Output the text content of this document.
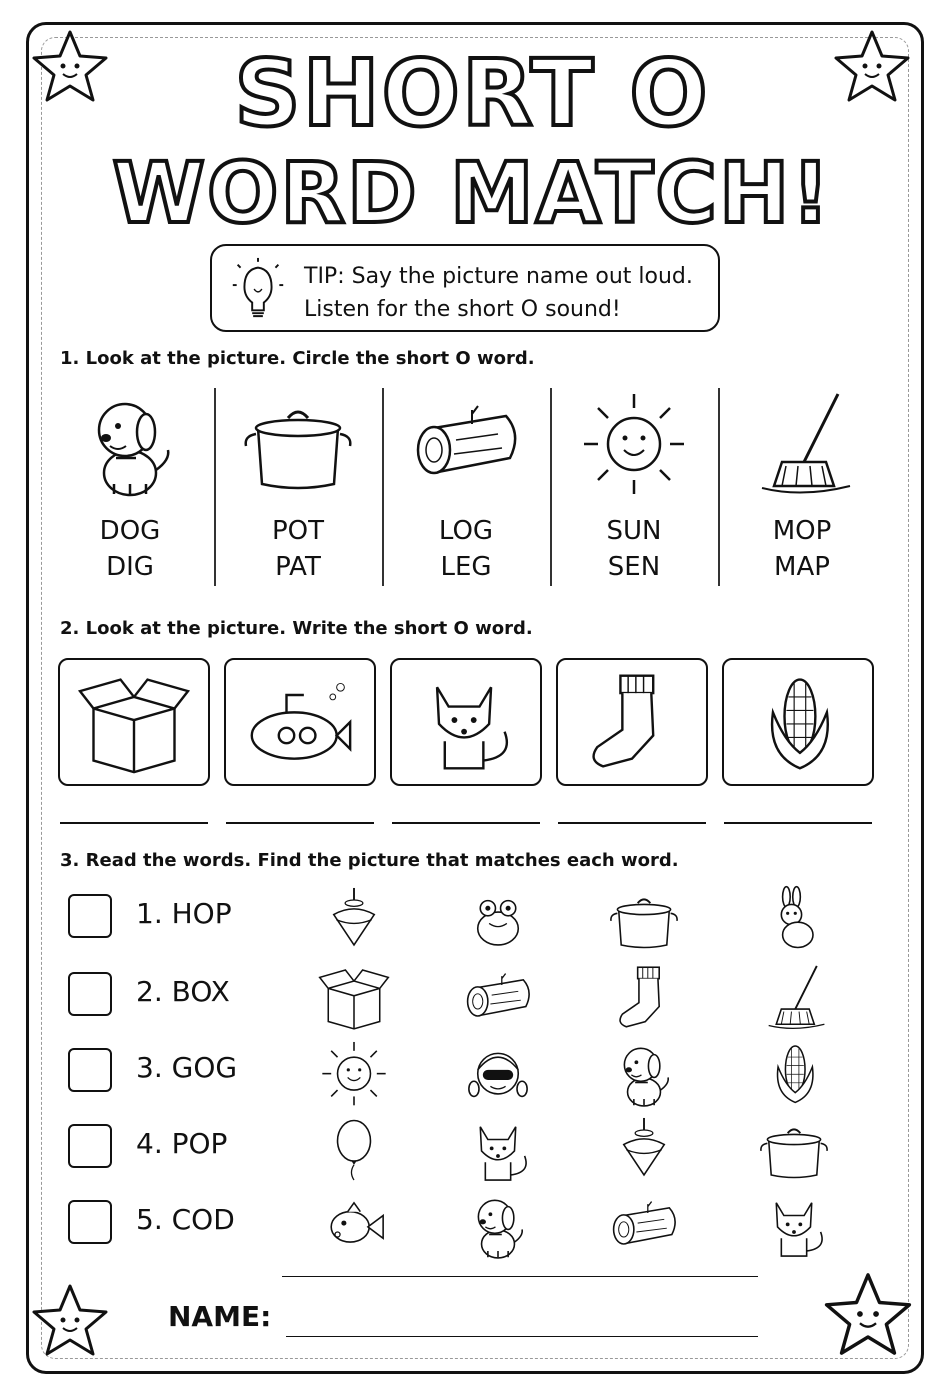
SHORT O
WORD MATCH!
TIP: Say the picture name out loud.
Listen for the short O sound!
1. Look at the picture. Circle the short O word.
DOG
DIG
POT
PAT
LOG
LEG
SUN
SEN
MOP
MAP
2. Look at the picture. Write the short O word.
3. Read the words. Find the picture that matches each word.
1. HOP
2. BOX
3. GOG
4. POP
5. COD
NAME:
